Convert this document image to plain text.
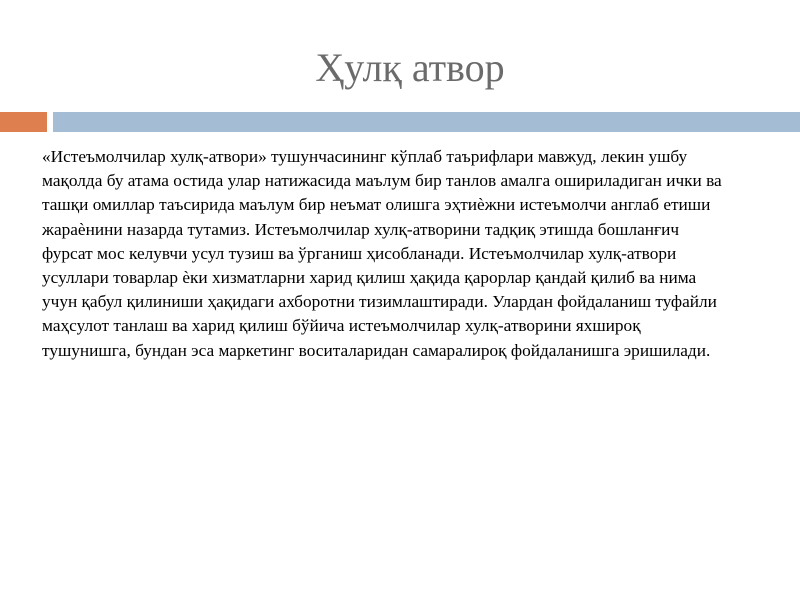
Ҳулқ атвор

«Истеъмолчилар хулқ-атвори» тушунчасининг кўплаб таърифлари мавжуд, лекин ушбу мақолда бу атама остида улар натижасида маълум бир танлов амалга ошириладиган ички ва ташқи омиллар таъсирида маълум бир неъмат олишга эҳтиѐжни истеъмолчи англаб етиши жараѐнини назарда тутамиз. Истеъмолчилар хулқ-атворини тадқиқ этишда бошланғич фурсат мос келувчи усул тузиш ва ўрганиш ҳисобланади. Истеъмолчилар хулқ-атвори усуллари товарлар ѐки хизматларни харид қилиш ҳақида қарорлар қандай қилиб ва нима учун қабул қилиниши ҳақидаги ахборотни тизимлаштиради. Улардан фойдаланиш туфайли маҳсулот танлаш ва харид қилиш бўйича истеъмолчилар хулқ-атворини яхшироқ тушунишга, бундан эса маркетинг воситаларидан самаралироқ фойдаланишга эришилади.
